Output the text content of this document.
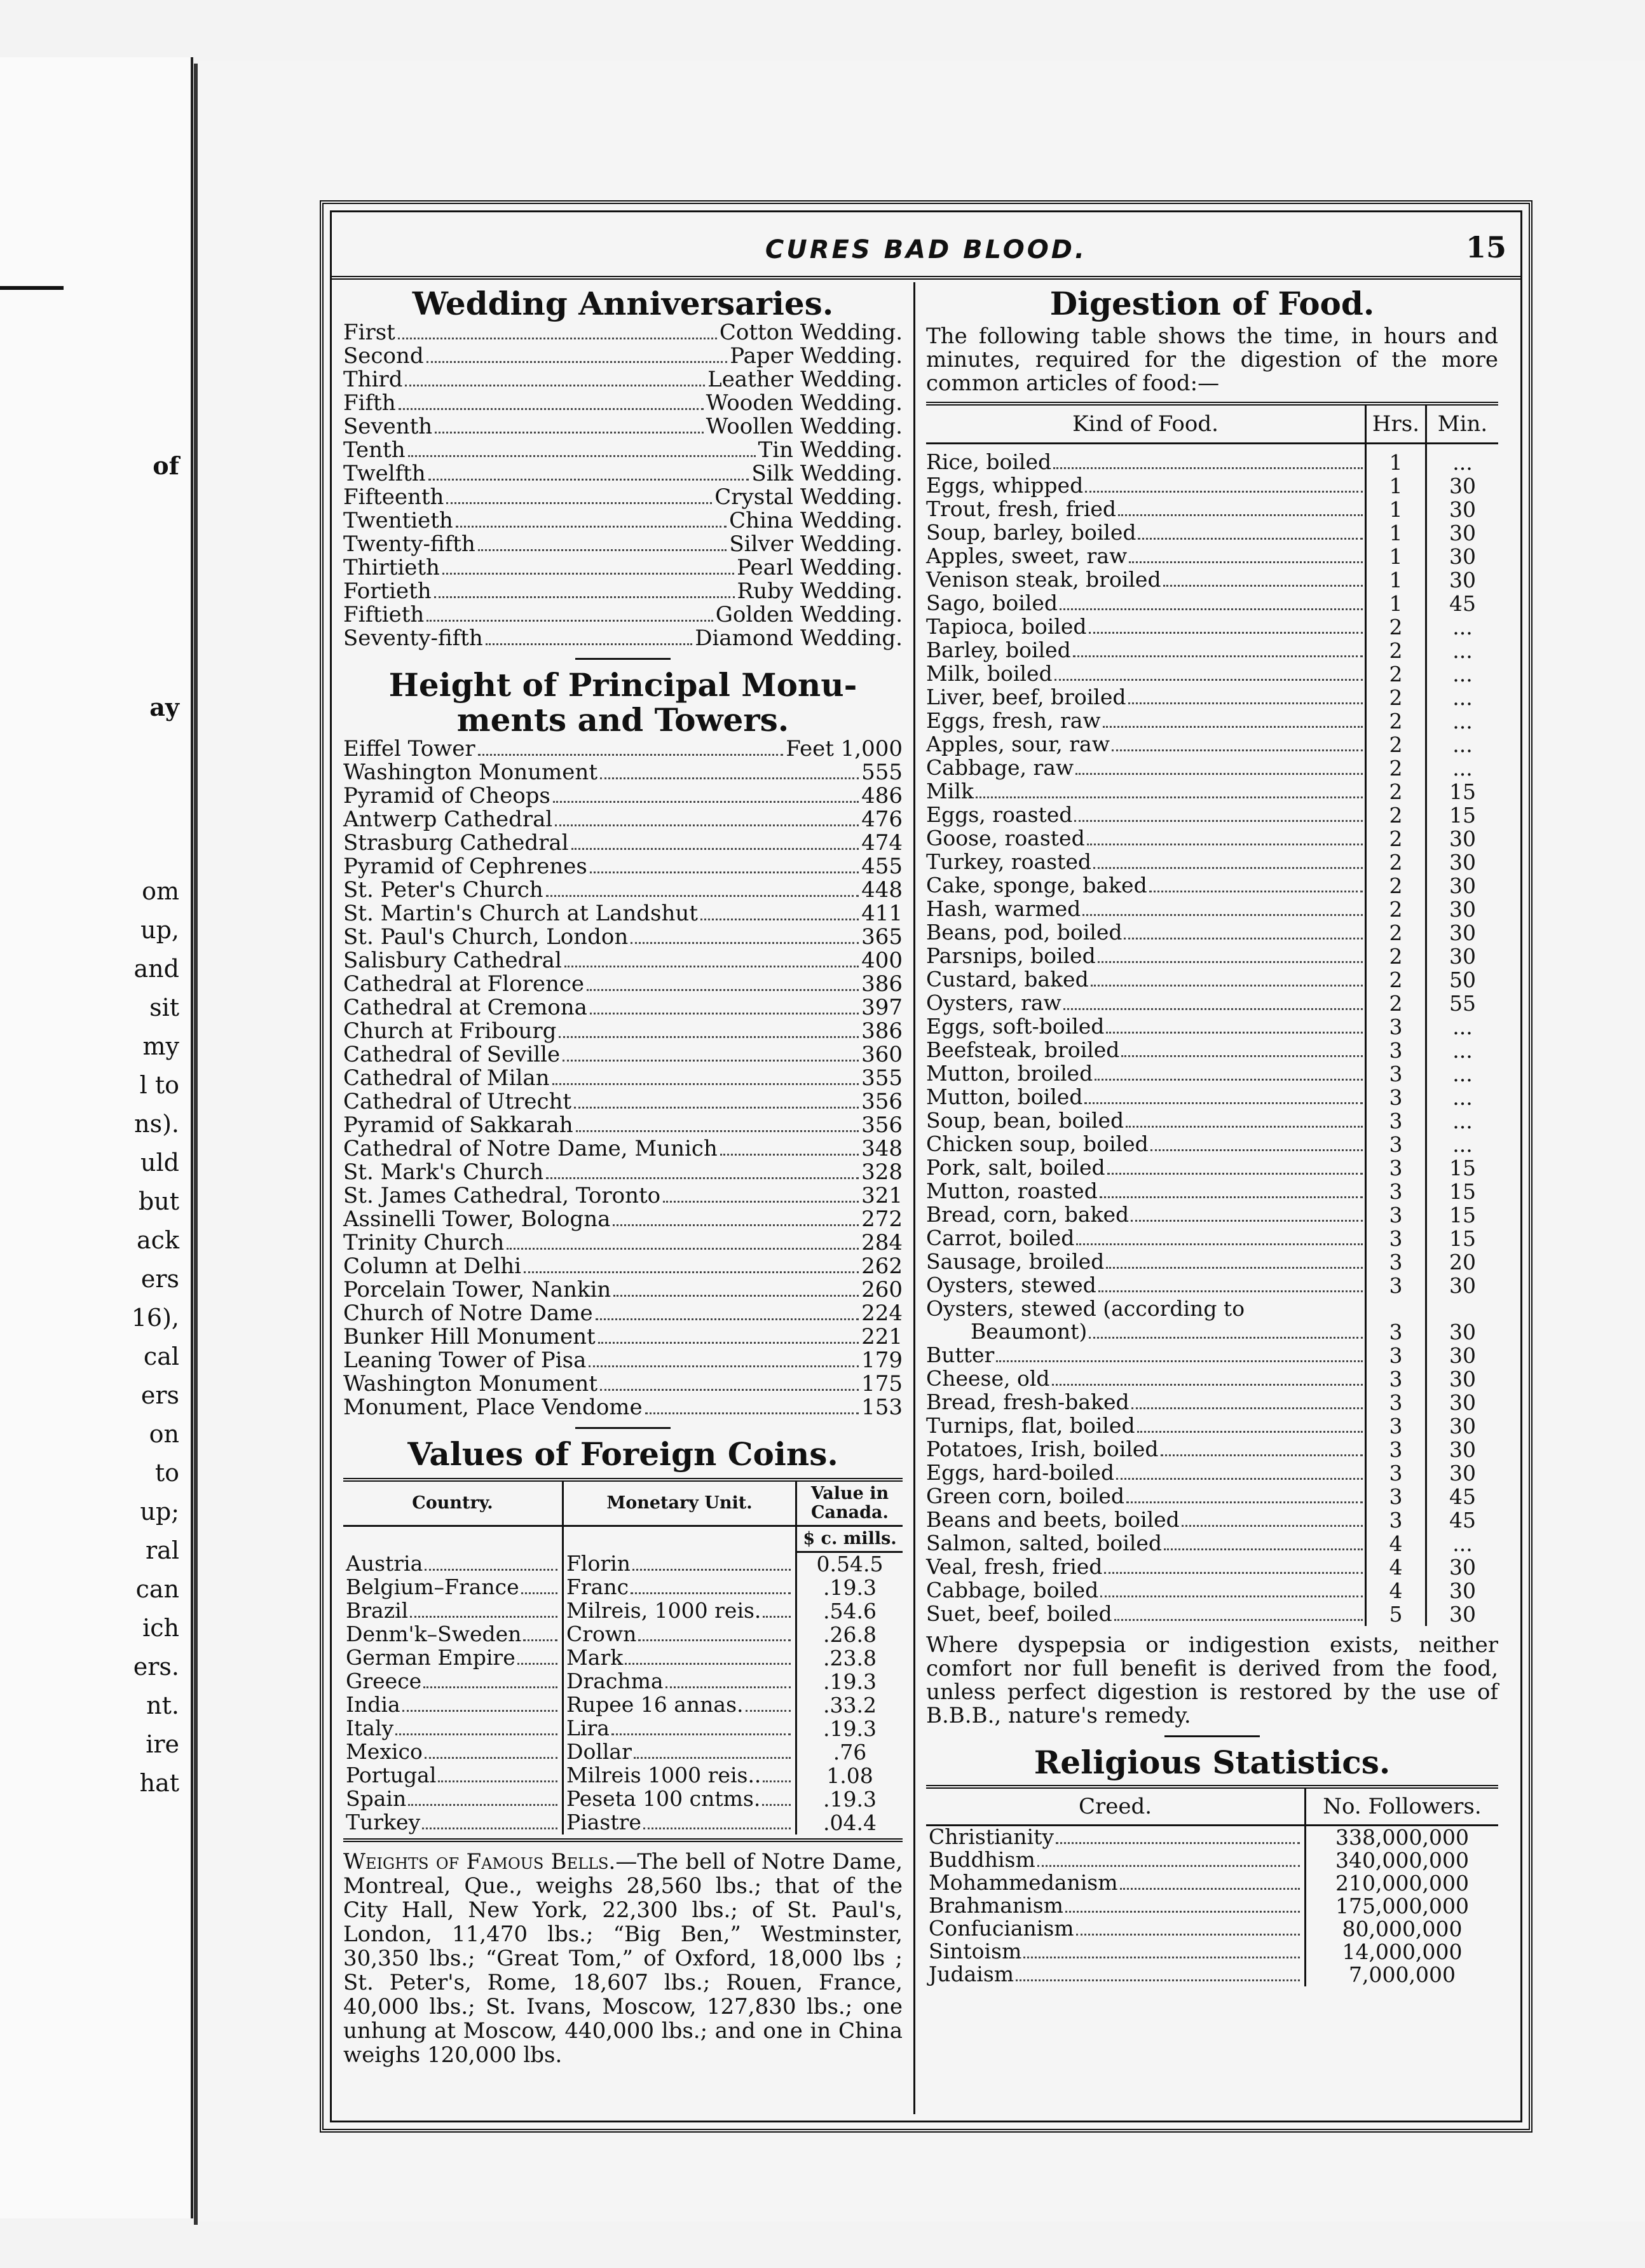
of
ay
om
up,
and
sit
my
l to
ns).
uld
but
ack
ers
16),
cal
ers
on
to
up;
ral
can
ich
ers.
nt.
ire
hat
CURES BAD BLOOD.	15
Wedding Anniversaries.
First	Cotton Wedding.
Second	Paper Wedding.
Third	Leather Wedding.
Fifth	Wooden Wedding.
Seventh	Woollen Wedding.
Tenth	Tin Wedding.
Twelfth	Silk Wedding.
Fifteenth	Crystal Wedding.
Twentieth	China Wedding.
Twenty-fifth	Silver Wedding.
Thirtieth	Pearl Wedding.
Fortieth	Ruby Wedding.
Fiftieth	Golden Wedding.
Seventy-fifth	Diamond Wedding.
Height of Principal Monu-
ments and Towers.
Eiffel Tower	Feet 1,000
Washington Monument	555
Pyramid of Cheops	486
Antwerp Cathedral	476
Strasburg Cathedral	474
Pyramid of Cephrenes	455
St. Peter's Church	448
St. Martin's Church at Landshut	411
St. Paul's Church, London	365
Salisbury Cathedral	400
Cathedral at Florence	386
Cathedral at Cremona	397
Church at Fribourg	386
Cathedral of Seville	360
Cathedral of Milan	355
Cathedral of Utrecht	356
Pyramid of Sakkarah	356
Cathedral of Notre Dame, Munich	348
St. Mark's Church	328
St. James Cathedral, Toronto	321
Assinelli Tower, Bologna	272
Trinity Church	284
Column at Delhi	262
Porcelain Tower, Nankin	260
Church of Notre Dame	224
Bunker Hill Monument	221
Leaning Tower of Pisa	179
Washington Monument	175
Monument, Place Vendome	153
Values of Foreign Coins.
Country.	Monetary Unit.	Value in Canada.
		$ c. mills.

Austria	Florin	0.54.5

Belgium–France	Franc	.19.3

Brazil	Milreis, 1000 reis.	.54.6

Denm'k–Sweden	Crown	.26.8

German Empire	Mark	.23.8

Greece	Drachma	.19.3

India	Rupee 16 annas.	.33.2

Italy	Lira	.19.3

Mexico	Dollar	.76

Portugal	Milreis 1000 reis..	1.08

Spain	Peseta 100 cntms.	.19.3

Turkey	Piastre	.04.4
Weights of Famous Bells.—The bell of Notre Dame, Montreal, Que., weighs 28,560 lbs.; that of the City Hall, New York, 22,300 lbs.; of St. Paul's, London, 11,470 lbs.; “Big Ben,” Westminster, 30,350 lbs.; “Great Tom,” of Oxford, 18,000 lbs ; St. Peter's, Rome, 18,607 lbs.; Rouen, France, 40,000 lbs.; St. Ivans, Moscow, 127,830 lbs.; one unhung at Moscow, 440,000 lbs.; and one in China weighs 120,000 lbs.
Digestion of Food.
The following table shows the time, in hours and minutes, required for the digestion of the more common articles of food:—
Kind of Food.	Hrs.	Min.

Rice, boiled	1	...

Eggs, whipped	1	30

Trout, fresh, fried	1	30

Soup, barley, boiled	1	30

Apples, sweet, raw	1	30

Venison steak, broiled	1	30

Sago, boiled	1	45

Tapioca, boiled	2	...

Barley, boiled	2	...

Milk, boiled	2	...

Liver, beef, broiled	2	...

Eggs, fresh, raw	2	...

Apples, sour, raw	2	...

Cabbage, raw	2	...

Milk	2	15

Eggs, roasted	2	15

Goose, roasted	2	30

Turkey, roasted	2	30

Cake, sponge, baked	2	30

Hash, warmed	2	30

Beans, pod, boiled	2	30

Parsnips, boiled	2	30

Custard, baked	2	50

Oysters, raw	2	55

Eggs, soft-boiled	3	...

Beefsteak, broiled	3	...

Mutton, broiled	3	...

Mutton, boiled	3	...

Soup, bean, boiled	3	...

Chicken soup, boiled	3	...

Pork, salt, boiled	3	15

Mutton, roasted	3	15

Bread, corn, baked	3	15

Carrot, boiled	3	15

Sausage, broiled	3	20

Oysters, stewed	3	30

Oysters, stewed (according to		

Beaumont)	3	30

Butter	3	30

Cheese, old	3	30

Bread, fresh-baked	3	30

Turnips, flat, boiled	3	30

Potatoes, Irish, boiled	3	30

Eggs, hard-boiled	3	30

Green corn, boiled	3	45

Beans and beets, boiled	3	45

Salmon, salted, boiled	4	...

Veal, fresh, fried	4	30

Cabbage, boiled	4	30

Suet, beef, boiled	5	30
Where dyspepsia or indigestion exists, neither comfort nor full benefit is derived from the food, unless perfect digestion is restored by the use of B.B.B., nature's remedy.
Religious Statistics.
Creed.	No. Followers.

Christianity	338,000,000

Buddhism	340,000,000

Mohammedanism	210,000,000

Brahmanism	175,000,000

Confucianism	80,000,000

Sintoism	14,000,000

Judaism	7,000,000
